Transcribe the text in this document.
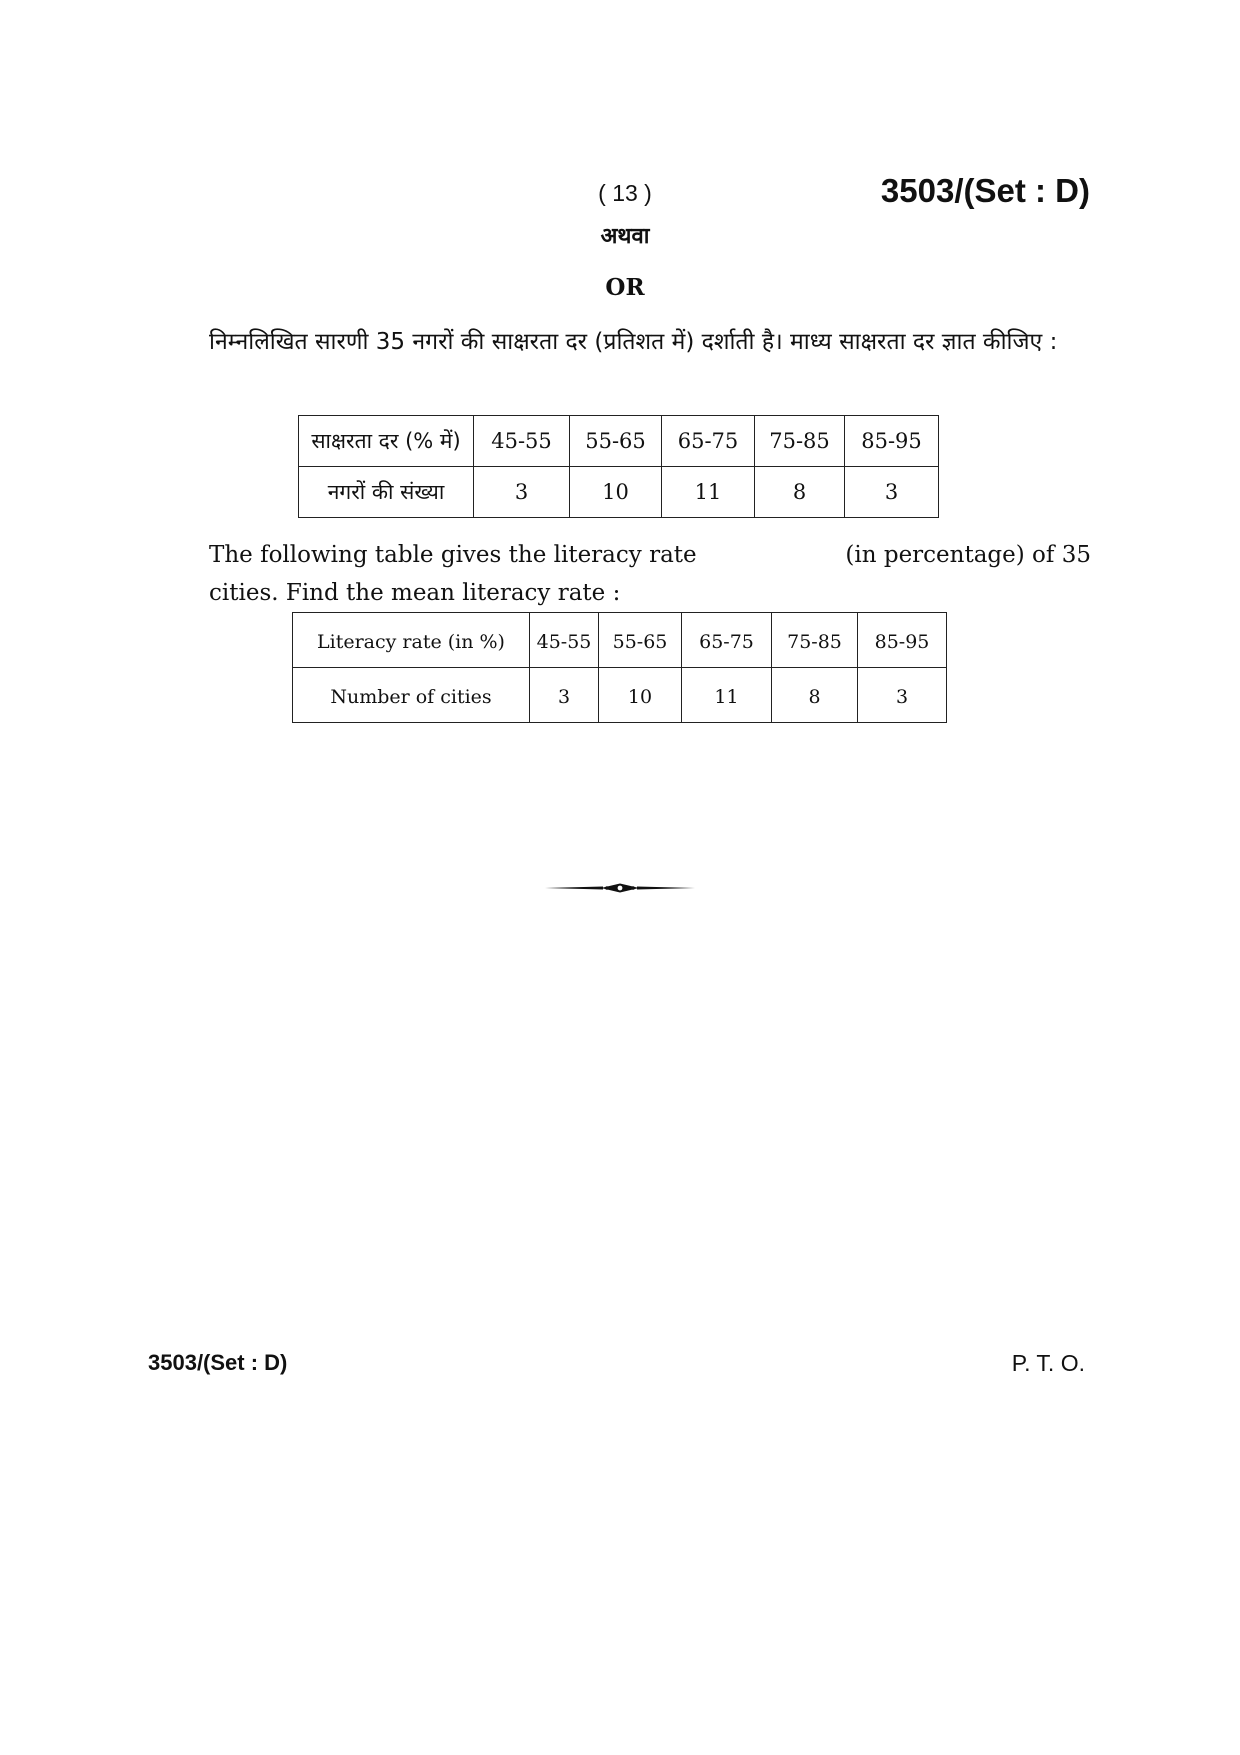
( 13 )	3503/(Set : D)
अथवा
OR
निम्नलिखित सारणी 35 नगरों की साक्षरता दर (प्रतिशत में) दर्शाती है। माध्य साक्षरता दर ज्ञात कीजिए :
साक्षरता दर (% में)	45-55	55-65	65-75	75-85	85-95
नगरों की संख्या	3	10	11	8	3
The following table gives the literacy rate	(in percentage) of 35
cities. Find the mean literacy rate :
Literacy rate (in %)	45-55	55-65	65-75	75-85	85-95
Number of cities	3	10	11	8	3
3503/(Set : D)	P. T. O.
